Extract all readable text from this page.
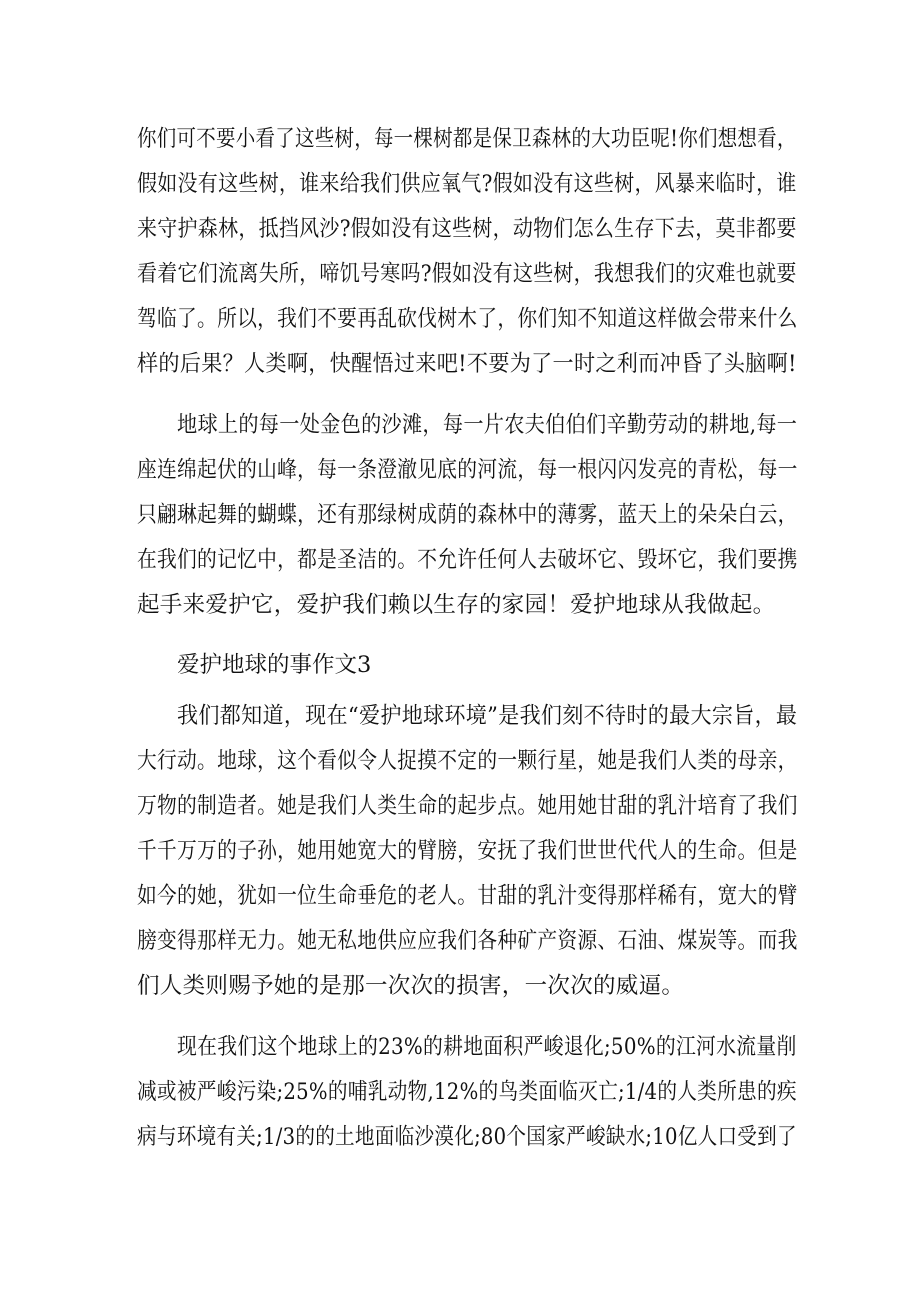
你们可不要小看了这些树，每一棵树都是保卫森林的大功臣呢!你们想想看，
假如没有这些树，谁来给我们供应氧气?假如没有这些树，风暴来临时，谁
来守护森林，抵挡风沙?假如没有这些树，动物们怎么生存下去，莫非都要
看着它们流离失所，啼饥号寒吗?假如没有这些树，我想我们的灾难也就要
驾临了。所以，我们不要再乱砍伐树木了，你们知不知道这样做会带来什么
样的后果？人类啊，快醒悟过来吧!不要为了一时之利而冲昏了头脑啊!
地球上的每一处金色的沙滩，每一片农夫伯伯们辛勤劳动的耕地,每一
座连绵起伏的山峰，每一条澄澈见底的河流，每一根闪闪发亮的青松，每一
只翩琳起舞的蝴蝶，还有那绿树成荫的森林中的薄雾，蓝天上的朵朵白云，
在我们的记忆中，都是圣洁的。不允许任何人去破坏它、毁坏它，我们要携
起手来爱护它，爱护我们赖以生存的家园！爱护地球从我做起。
爱护地球的事作文3
我们都知道，现在“爱护地球环境”是我们刻不待时的最大宗旨，最
大行动。地球，这个看似令人捉摸不定的一颗行星，她是我们人类的母亲，
万物的制造者。她是我们人类生命的起步点。她用她甘甜的乳汁培育了我们
千千万万的子孙，她用她宽大的臂膀，安抚了我们世世代代人的生命。但是
如今的她，犹如一位生命垂危的老人。甘甜的乳汁变得那样稀有，宽大的臂
膀变得那样无力。她无私地供应应我们各种矿产资源、石油、煤炭等。而我
们人类则赐予她的是那一次次的损害，一次次的威逼。
现在我们这个地球上的23%的耕地面积严峻退化;50%的江河水流量削
减或被严峻污染;25%的哺乳动物,12%的鸟类面临灭亡;1/4的人类所患的疾
病与环境有关;1/3的的土地面临沙漠化;80个国家严峻缺水;10亿人口受到了
